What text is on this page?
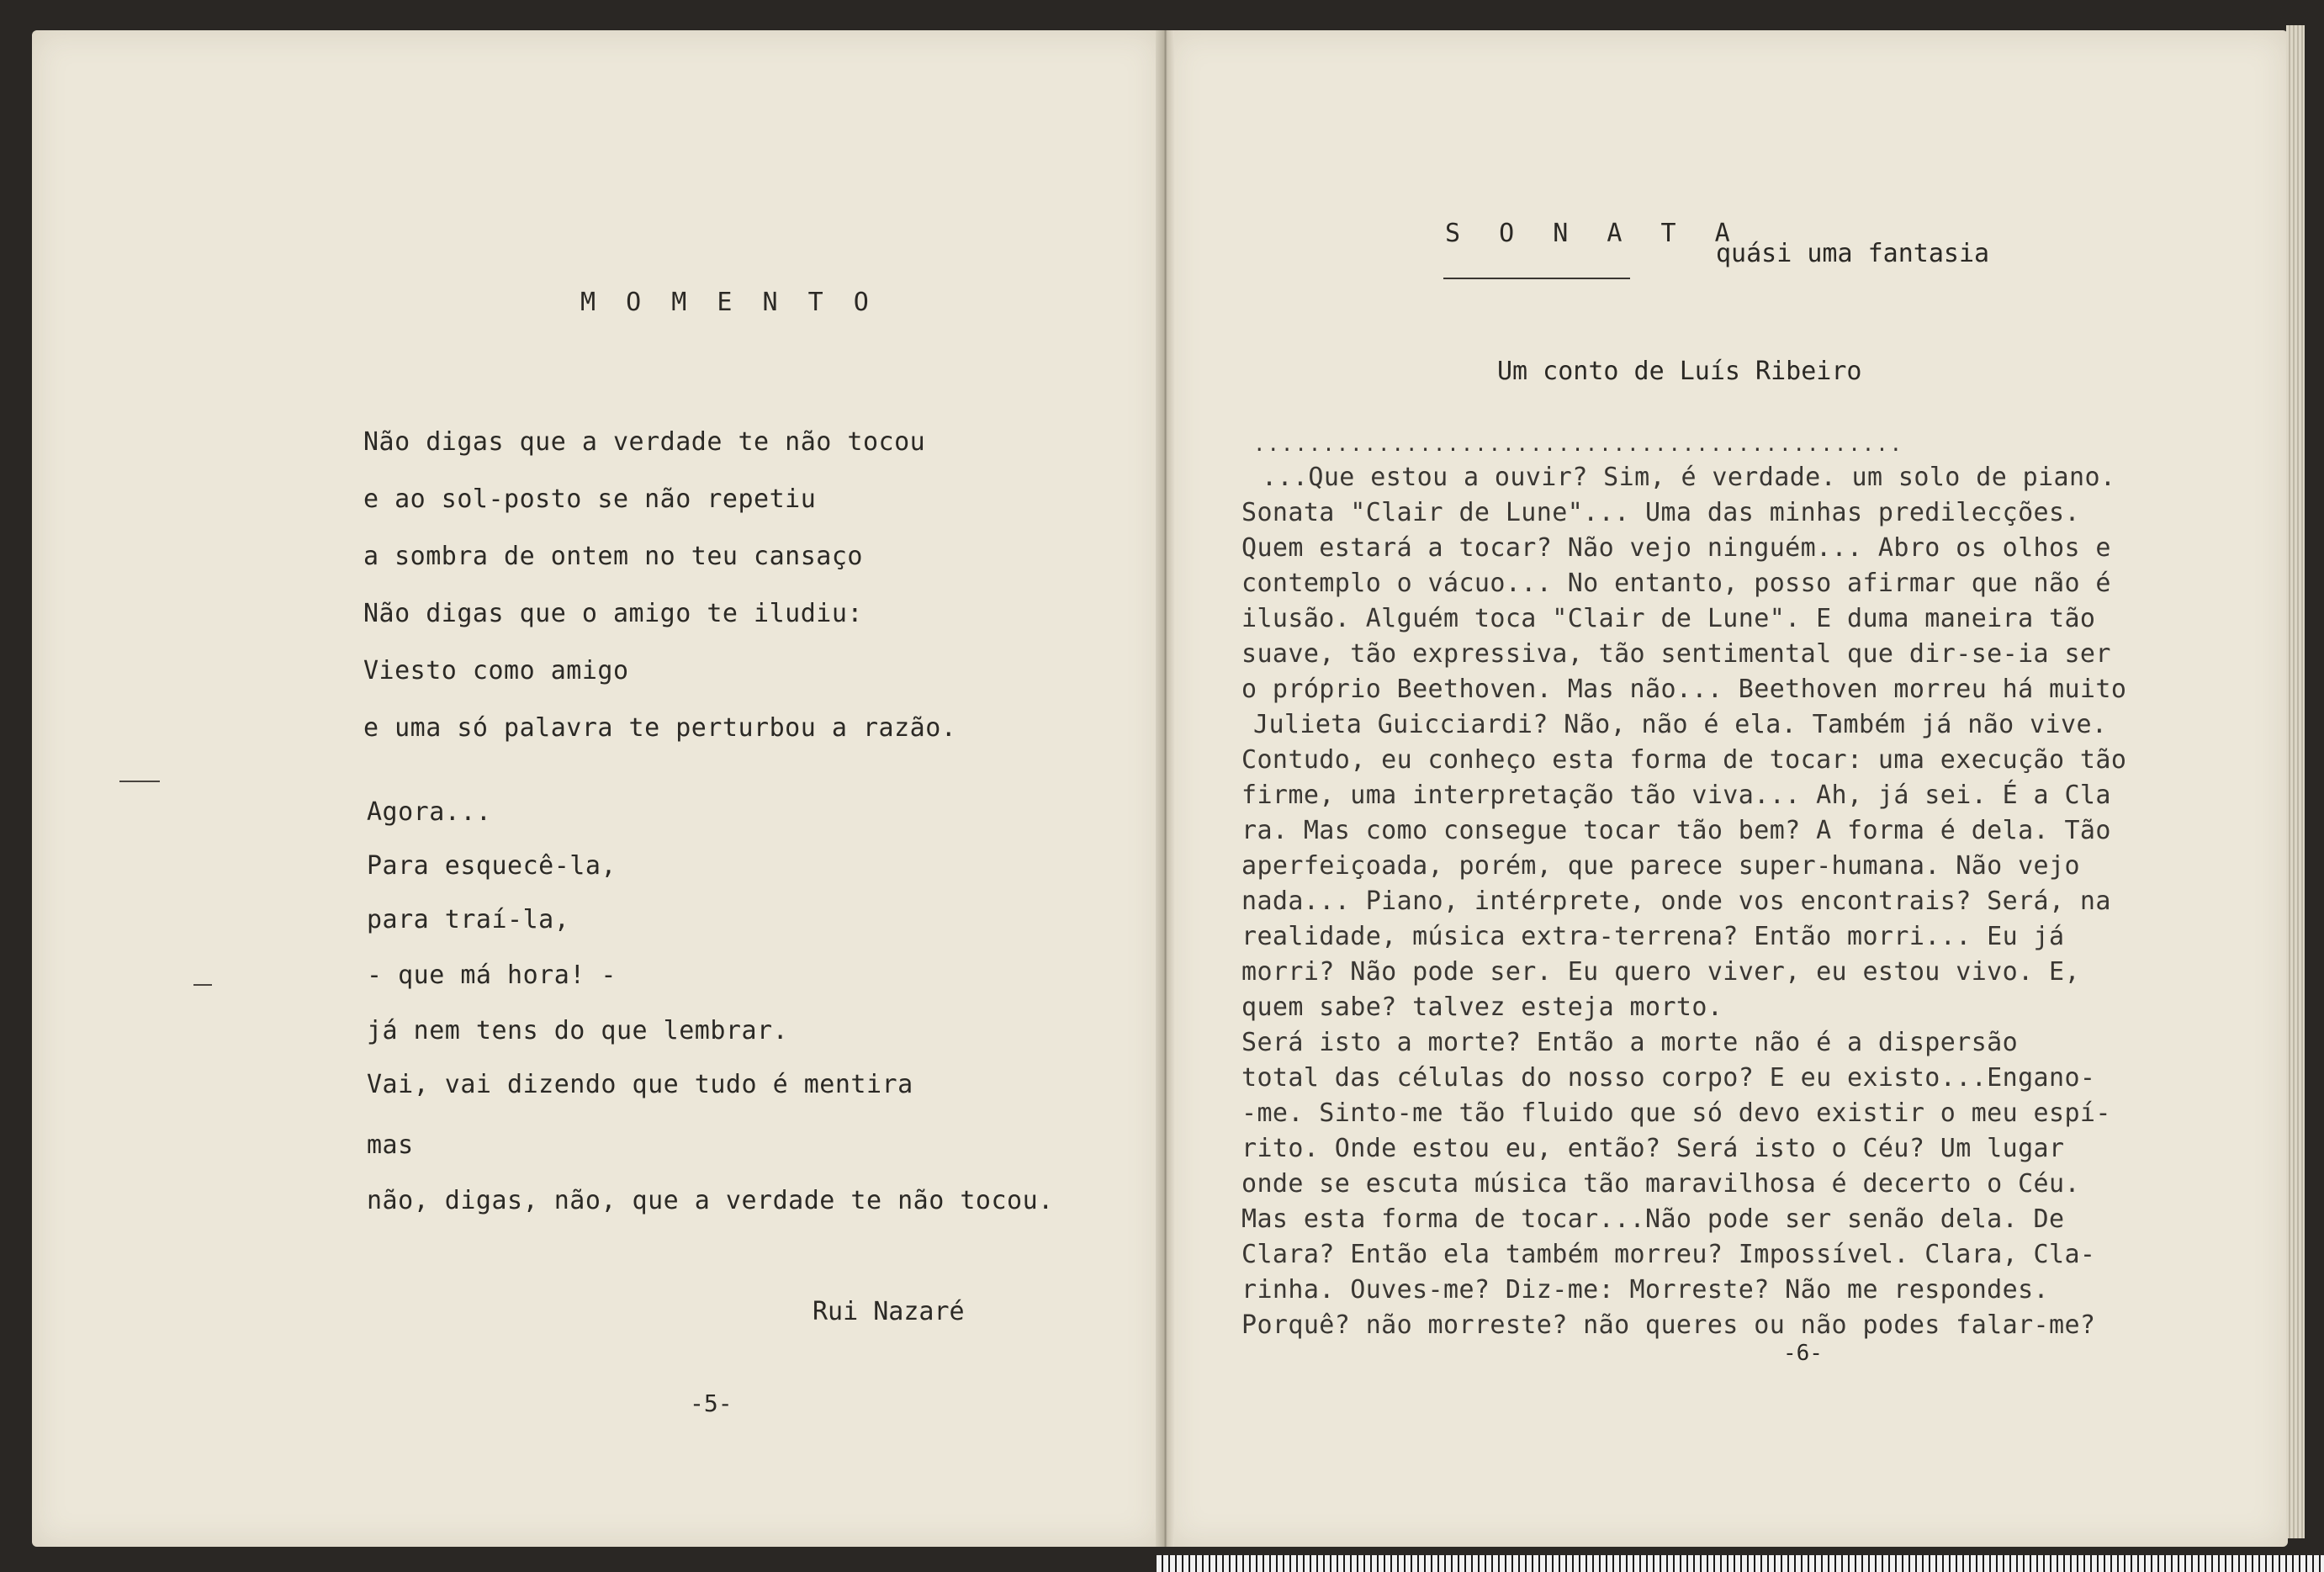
M O M E N T O
Não digas que a verdade te não tocou
e ao sol-posto se não repetiu
a sombra de ontem no teu cansaço
Não digas que o amigo te iludiu:
Viesto como amigo
e uma só palavra te perturbou a razão.
Agora...
Para esquecê-la,
para traí-la,
- que má hora! -
já nem tens do que lembrar.
Vai, vai dizendo que tudo é mentira
mas
não, digas, não, que a verdade te não tocou.
Rui Nazaré
-5-
S O N A T A
quási uma fantasia
Um conto de Luís Ribeiro
...............................................
...Que estou a ouvir? Sim, é verdade. um solo de piano.
Sonata "Clair de Lune"... Uma das minhas predilecções.
Quem estará a tocar? Não vejo ninguém... Abro os olhos e
contemplo o vácuo... No entanto, posso afirmar que não é
ilusão. Alguém toca "Clair de Lune". E duma maneira tão
suave, tão expressiva, tão sentimental que dir-se-ia ser
o próprio Beethoven. Mas não... Beethoven morreu há muito
Julieta Guicciardi? Não, não é ela. Também já não vive.
Contudo, eu conheço esta forma de tocar: uma execução tão
firme, uma interpretação tão viva... Ah, já sei. É a Cla
ra. Mas como consegue tocar tão bem? A forma é dela. Tão
aperfeiçoada, porém, que parece super-humana. Não vejo
nada... Piano, intérprete, onde vos encontrais? Será, na
realidade, música extra-terrena? Então morri... Eu já
morri? Não pode ser. Eu quero viver, eu estou vivo. E,
quem sabe? talvez esteja morto.
Será isto a morte? Então a morte não é a dispersão
total das células do nosso corpo? E eu existo...Engano-
-me. Sinto-me tão fluido que só devo existir o meu espí-
rito. Onde estou eu, então? Será isto o Céu? Um lugar
onde se escuta música tão maravilhosa é decerto o Céu.
Mas esta forma de tocar...Não pode ser senão dela. De
Clara? Então ela também morreu? Impossível. Clara, Cla-
rinha. Ouves-me? Diz-me: Morreste? Não me respondes.
Porquê? não morreste? não queres ou não podes falar-me?
-6-
